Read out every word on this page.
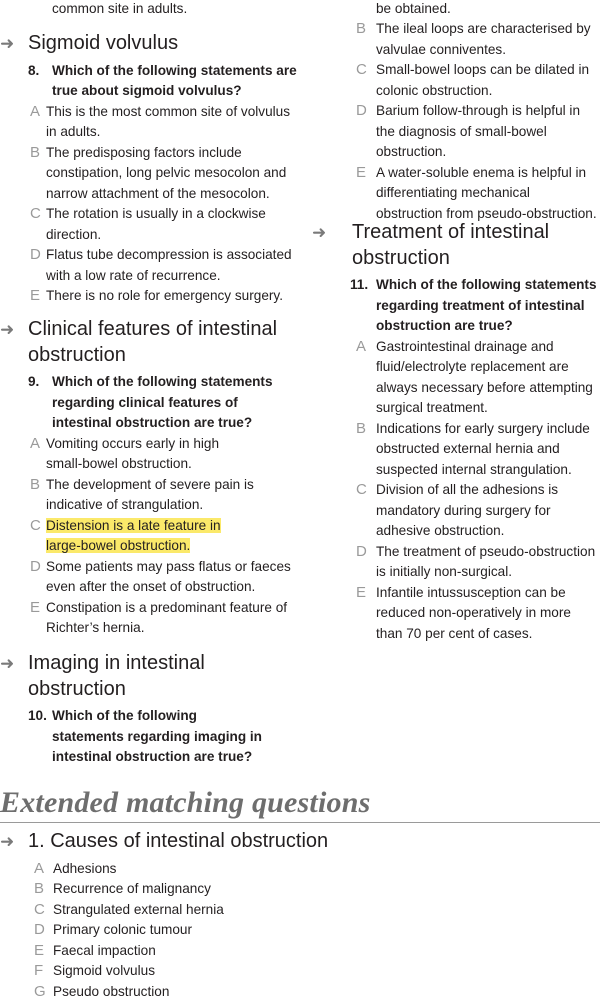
common site in adults.	be obtained.
➜ Sigmoid volvulus
8. Which of the following statements are true about sigmoid volvulus?
A This is the most common site of volvulus in adults.
B The predisposing factors include constipation, long pelvic mesocolon and narrow attachment of the mesocolon.
C The rotation is usually in a clockwise direction.
D Flatus tube decompression is associated with a low rate of recurrence.
E There is no role for emergency surgery.
➜ Clinical features of intestinal obstruction
9. Which of the following statements regarding clinical features of intestinal obstruction are true?
A Vomiting occurs early in high small-bowel obstruction.
B The development of severe pain is indicative of strangulation.
C Distension is a late feature in large-bowel obstruction.
D Some patients may pass flatus or faeces even after the onset of obstruction.
E Constipation is a predominant feature of Richter’s hernia.
➜ Imaging in intestinal obstruction
10. Which of the following statements regarding imaging in intestinal obstruction are true?
B The ileal loops are characterised by valvulae conniventes.
C Small-bowel loops can be dilated in colonic obstruction.
D Barium follow-through is helpful in the diagnosis of small-bowel obstruction.
E A water-soluble enema is helpful in differentiating mechanical obstruction from pseudo-obstruction.
➜	Treatment of intestinal obstruction
11. Which of the following statements regarding treatment of intestinal obstruction are true?
A Gastrointestinal drainage and fluid/electrolyte replacement are always necessary before attempting surgical treatment.
B Indications for early surgery include obstructed external hernia and suspected internal strangulation.
C Division of all the adhesions is mandatory during surgery for adhesive obstruction.
D The treatment of pseudo-obstruction is initially non-surgical.
E Infantile intussusception can be reduced non-operatively in more than 70 per cent of cases.
Extended matching questions
➜ 1. Causes of intestinal obstruction
A Adhesions
B Recurrence of malignancy
C Strangulated external hernia
D Primary colonic tumour
E Faecal impaction
F Sigmoid volvulus
G Pseudo obstruction
